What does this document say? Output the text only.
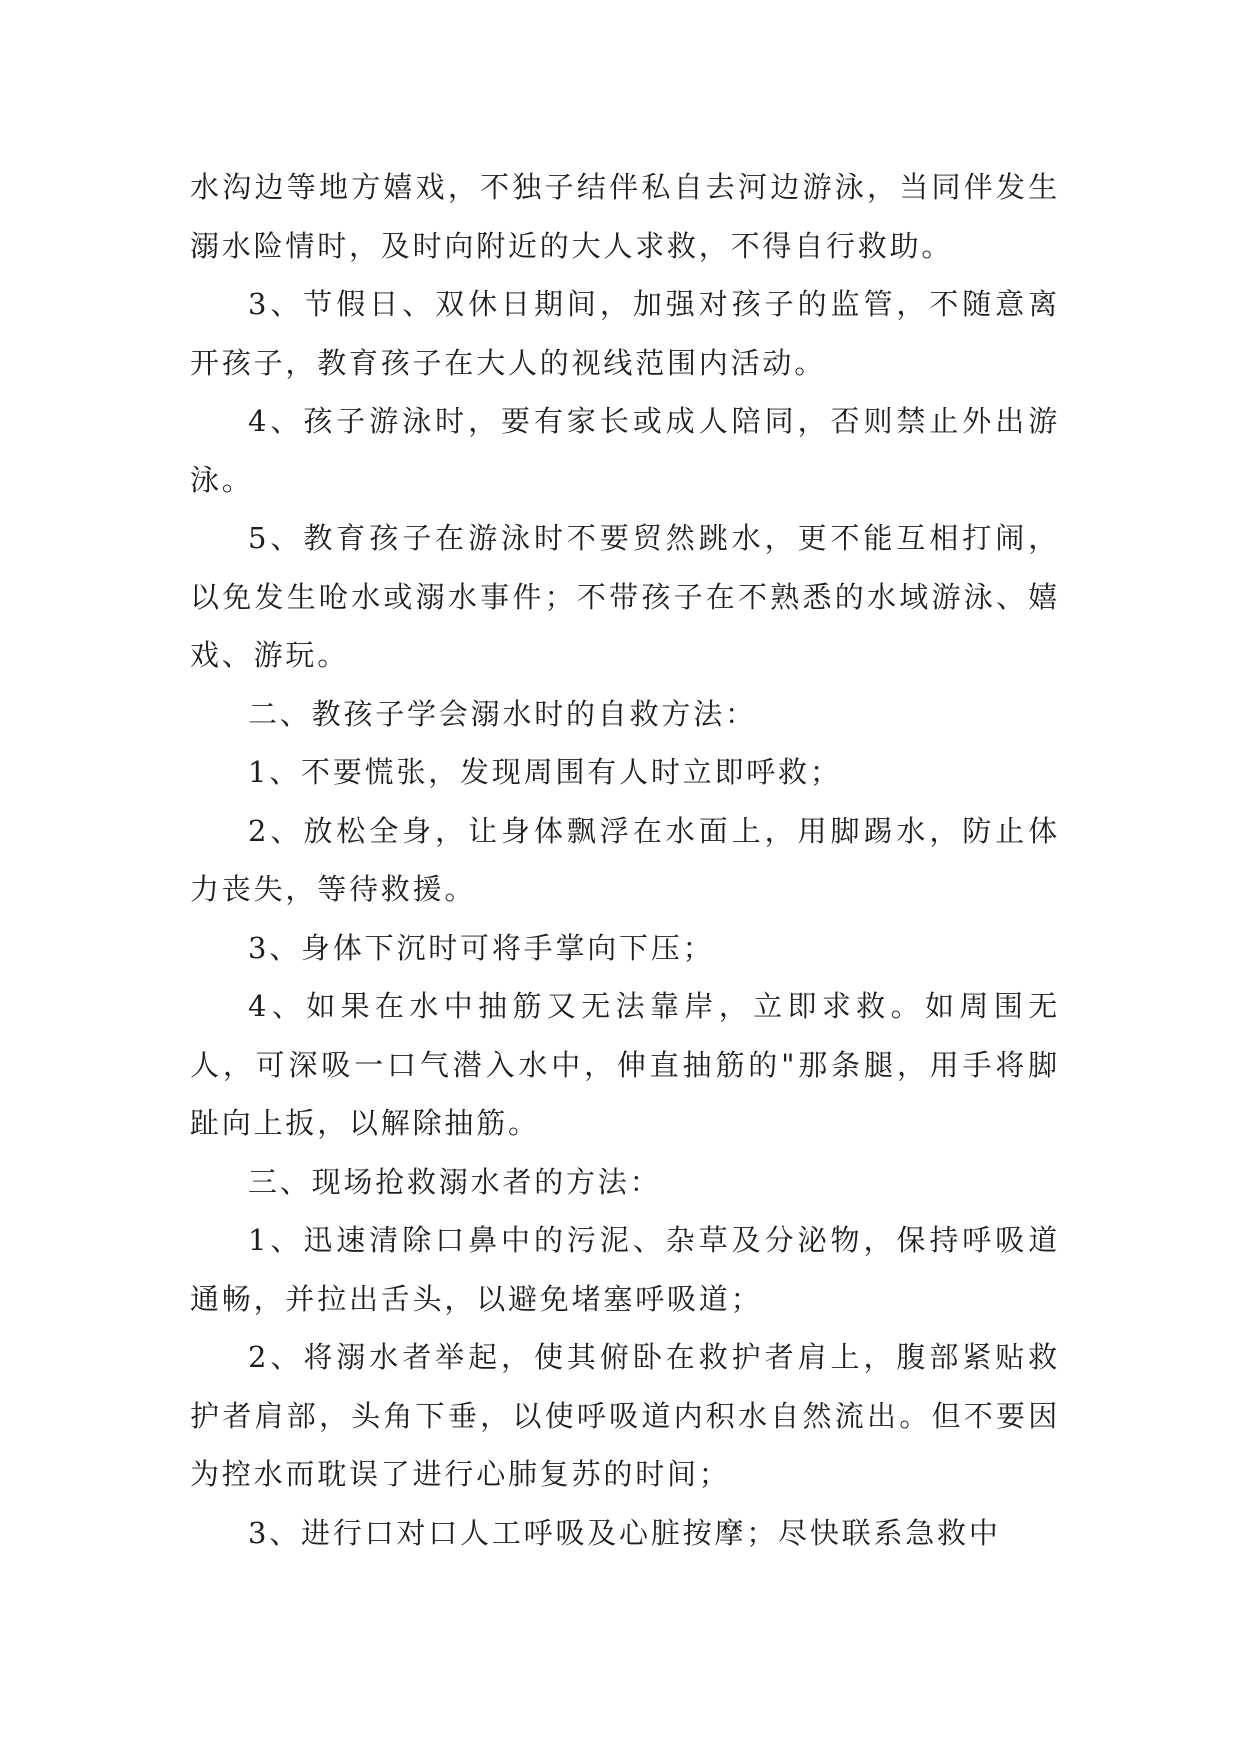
水沟边等地方嬉戏，不独子结伴私自去河边游泳，当同伴发生溺水险情时，及时向附近的大人求救，不得自行救助。

3、节假日、双休日期间，加强对孩子的监管，不随意离开孩子，教育孩子在大人的视线范围内活动。

4、孩子游泳时，要有家长或成人陪同，否则禁止外出游泳。

5、教育孩子在游泳时不要贸然跳水，更不能互相打闹，以免发生呛水或溺水事件；不带孩子在不熟悉的水域游泳、嬉戏、游玩。

二、教孩子学会溺水时的自救方法：

1、不要慌张，发现周围有人时立即呼救；

2、放松全身，让身体飘浮在水面上，用脚踢水，防止体力丧失，等待救援。

3、身体下沉时可将手掌向下压；

4、如果在水中抽筋又无法靠岸，立即求救。如周围无人，可深吸一口气潜入水中，伸直抽筋的"那条腿，用手将脚趾向上扳，以解除抽筋。

三、现场抢救溺水者的方法：

1、迅速清除口鼻中的污泥、杂草及分泌物，保持呼吸道通畅，并拉出舌头，以避免堵塞呼吸道；

2、将溺水者举起，使其俯卧在救护者肩上，腹部紧贴救护者肩部，头角下垂，以使呼吸道内积水自然流出。但不要因为控水而耽误了进行心肺复苏的时间；

3、进行口对口人工呼吸及心脏按摩；尽快联系急救中
